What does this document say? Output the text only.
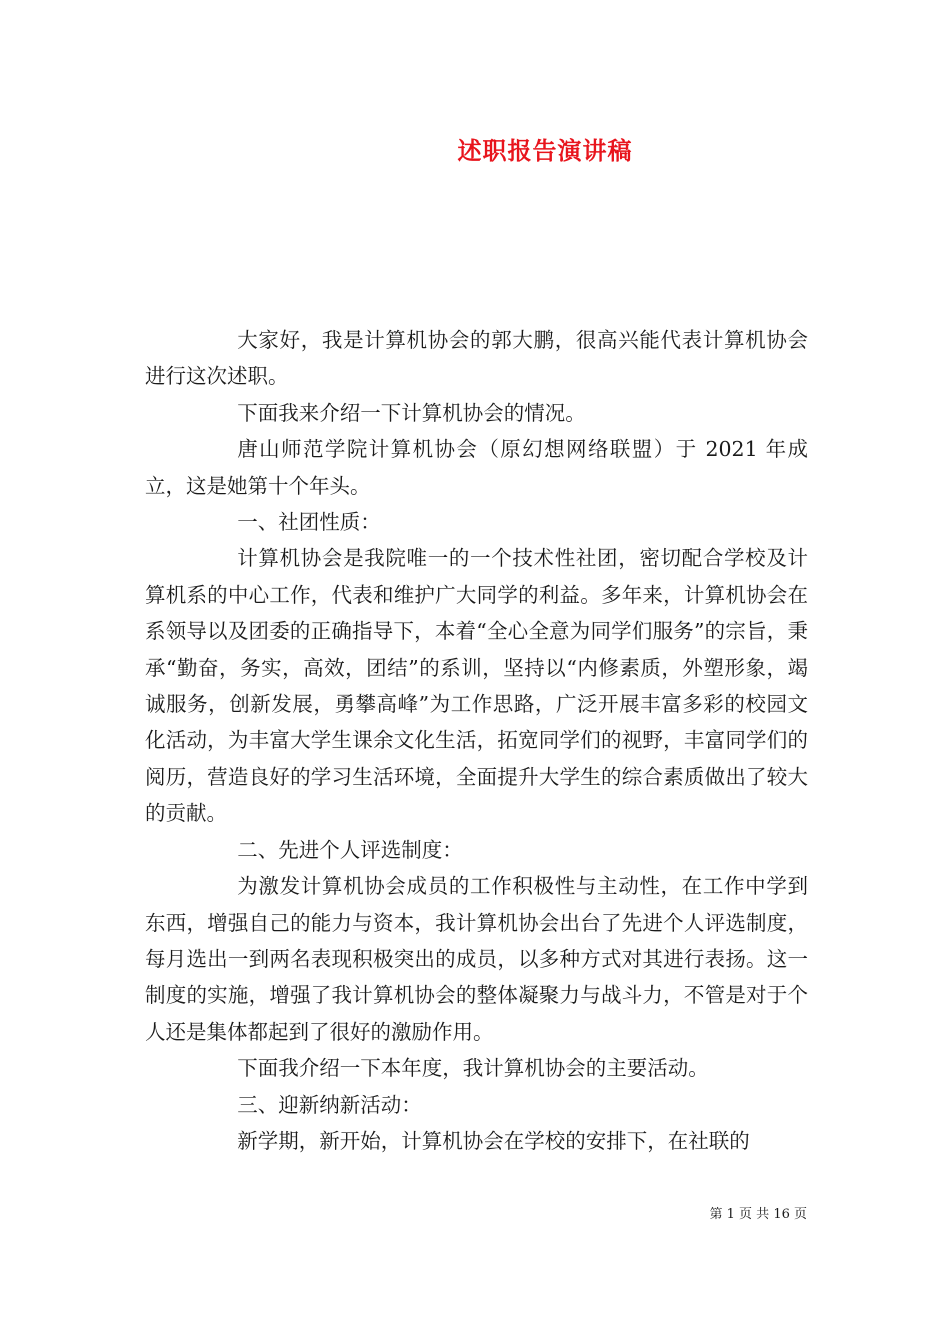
述职报告演讲稿

大家好，我是计算机协会的郭大鹏，很高兴能代表计算机协会进行这次述职。

下面我来介绍一下计算机协会的情况。

唐山师范学院计算机协会（原幻想网络联盟）于 2021 年成立，这是她第十个年头。

一、社团性质：

计算机协会是我院唯一的一个技术性社团，密切配合学校及计算机系的中心工作，代表和维护广大同学的利益。多年来，计算机协会在系领导以及团委的正确指导下，本着“全心全意为同学们服务”的宗旨，秉承“勤奋，务实，高效，团结”的系训，坚持以“内修素质，外塑形象，竭诚服务，创新发展，勇攀高峰”为工作思路，广泛开展丰富多彩的校园文化活动，为丰富大学生课余文化生活，拓宽同学们的视野，丰富同学们的阅历，营造良好的学习生活环境，全面提升大学生的综合素质做出了较大的贡献。

二、先进个人评选制度：

为激发计算机协会成员的工作积极性与主动性，在工作中学到东西，增强自己的能力与资本，我计算机协会出台了先进个人评选制度，每月选出一到两名表现积极突出的成员，以多种方式对其进行表扬。这一制度的实施，增强了我计算机协会的整体凝聚力与战斗力，不管是对于个人还是集体都起到了很好的激励作用。

下面我介绍一下本年度，我计算机协会的主要活动。

三、迎新纳新活动：

新学期，新开始，计算机协会在学校的安排下，在社联的

第 1 页 共 16 页
